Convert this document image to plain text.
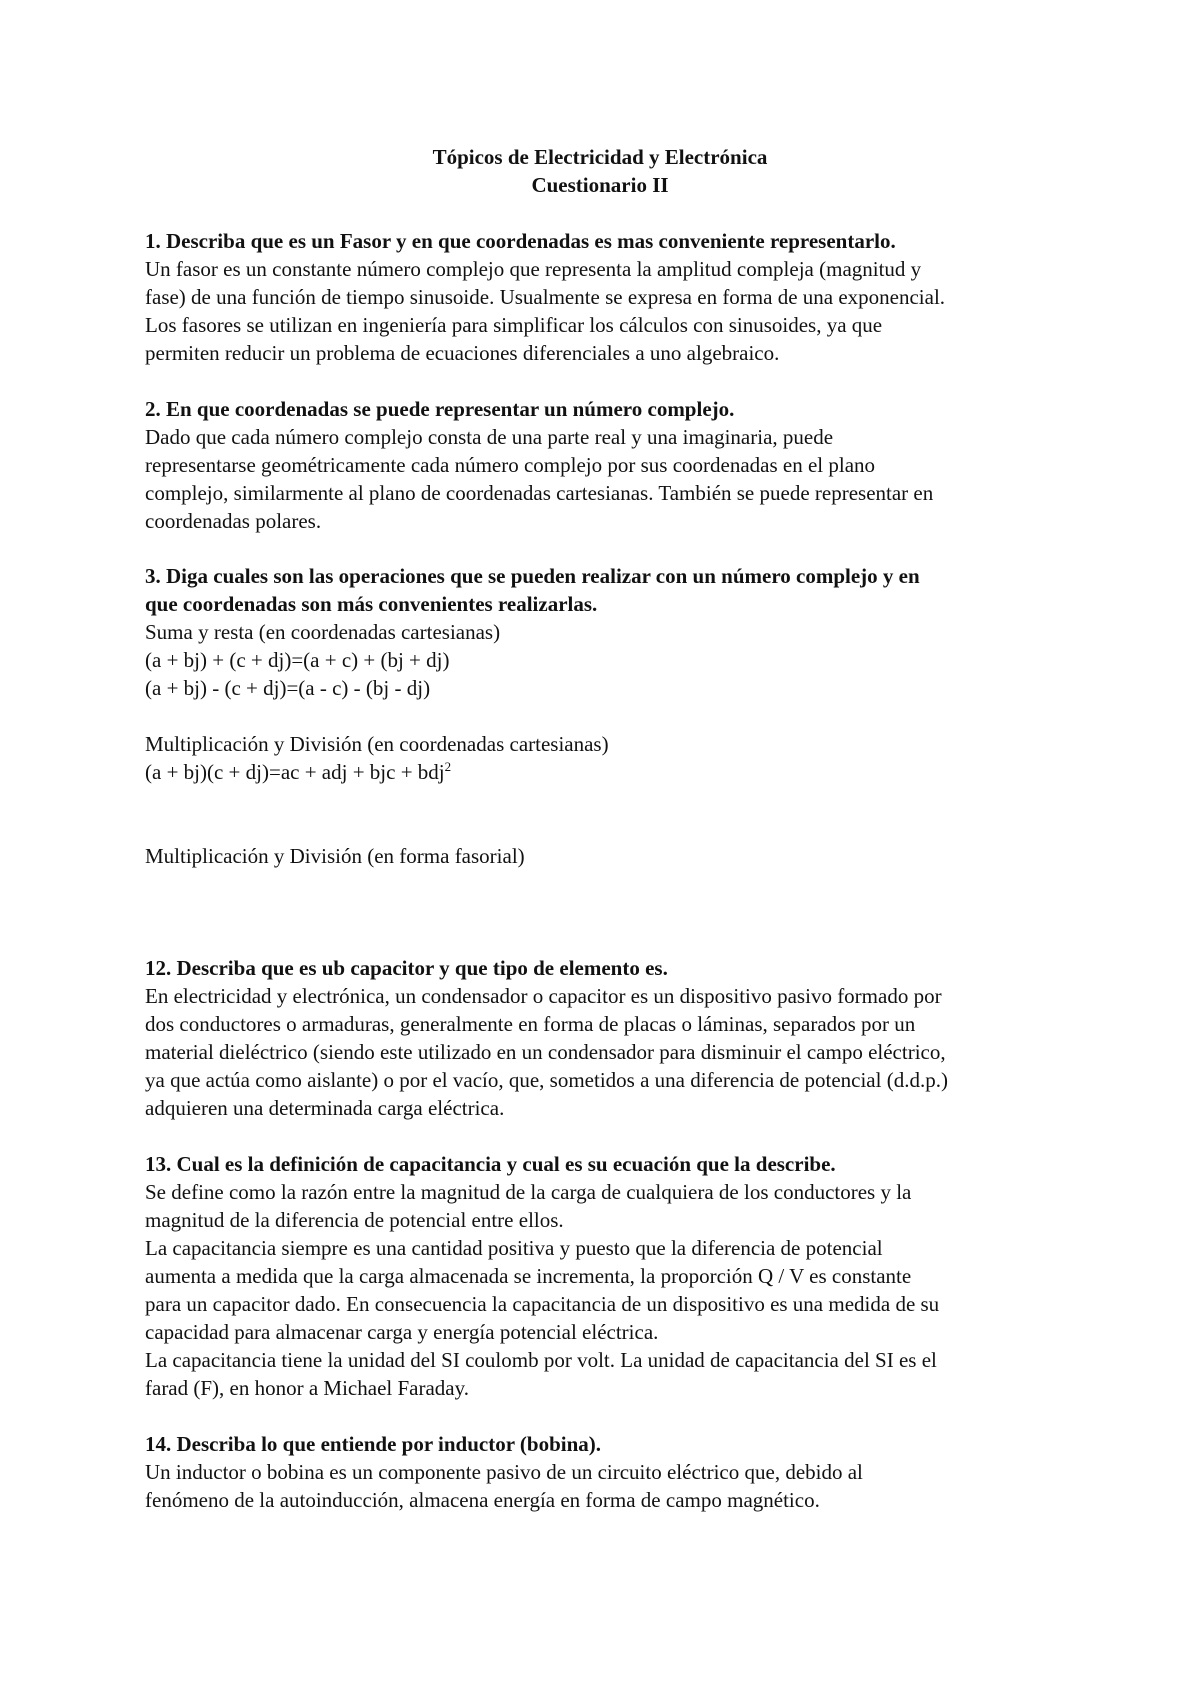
Tópicos de Electricidad y Electrónica
Cuestionario II
1. Describa que es un Fasor y en que coordenadas es mas conveniente representarlo.
Un fasor es un constante número complejo que representa la amplitud compleja (magnitud y
fase) de una función de tiempo sinusoide. Usualmente se expresa en forma de una exponencial.
Los fasores se utilizan en ingeniería para simplificar los cálculos con sinusoides, ya que
permiten reducir un problema de ecuaciones diferenciales a uno algebraico.
2. En que coordenadas se puede representar un número complejo.
Dado que cada número complejo consta de una parte real y una imaginaria, puede
representarse geométricamente cada número complejo por sus coordenadas en el plano
complejo, similarmente al plano de coordenadas cartesianas. También se puede representar en
coordenadas polares.
3. Diga cuales son las operaciones que se pueden realizar con un número complejo y en
que coordenadas son más convenientes realizarlas.
Suma y resta (en coordenadas cartesianas)
(a + bj) + (c + dj)=(a + c) + (bj + dj)
(a + bj) - (c + dj)=(a - c) - (bj - dj)
Multiplicación y División (en coordenadas cartesianas)
(a + bj)(c + dj)=ac + adj + bjc + bdj$^2$
Multiplicación y División (en forma fasorial)
12. Describa que es ub capacitor y que tipo de elemento es.
En electricidad y electrónica, un condensador o capacitor es un dispositivo pasivo formado por
dos conductores o armaduras, generalmente en forma de placas o láminas, separados por un
material dieléctrico (siendo este utilizado en un condensador para disminuir el campo eléctrico,
ya que actúa como aislante) o por el vacío, que, sometidos a una diferencia de potencial (d.d.p.)
adquieren una determinada carga eléctrica.
13. Cual es la definición de capacitancia y cual es su ecuación que la describe.
Se define como la razón entre la magnitud de la carga de cualquiera de los conductores y la
magnitud de la diferencia de potencial entre ellos.
La capacitancia siempre es una cantidad positiva y puesto que la diferencia de potencial
aumenta a medida que la carga almacenada se incrementa, la proporción Q / V es constante
para un capacitor dado. En consecuencia la capacitancia de un dispositivo es una medida de su
capacidad para almacenar carga y energía potencial eléctrica.
La capacitancia tiene la unidad del SI coulomb por volt. La unidad de capacitancia del SI es el
farad (F), en honor a Michael Faraday.
14. Describa lo que entiende por inductor (bobina).
Un inductor o bobina es un componente pasivo de un circuito eléctrico que, debido al
fenómeno de la autoinducción, almacena energía en forma de campo magnético.
